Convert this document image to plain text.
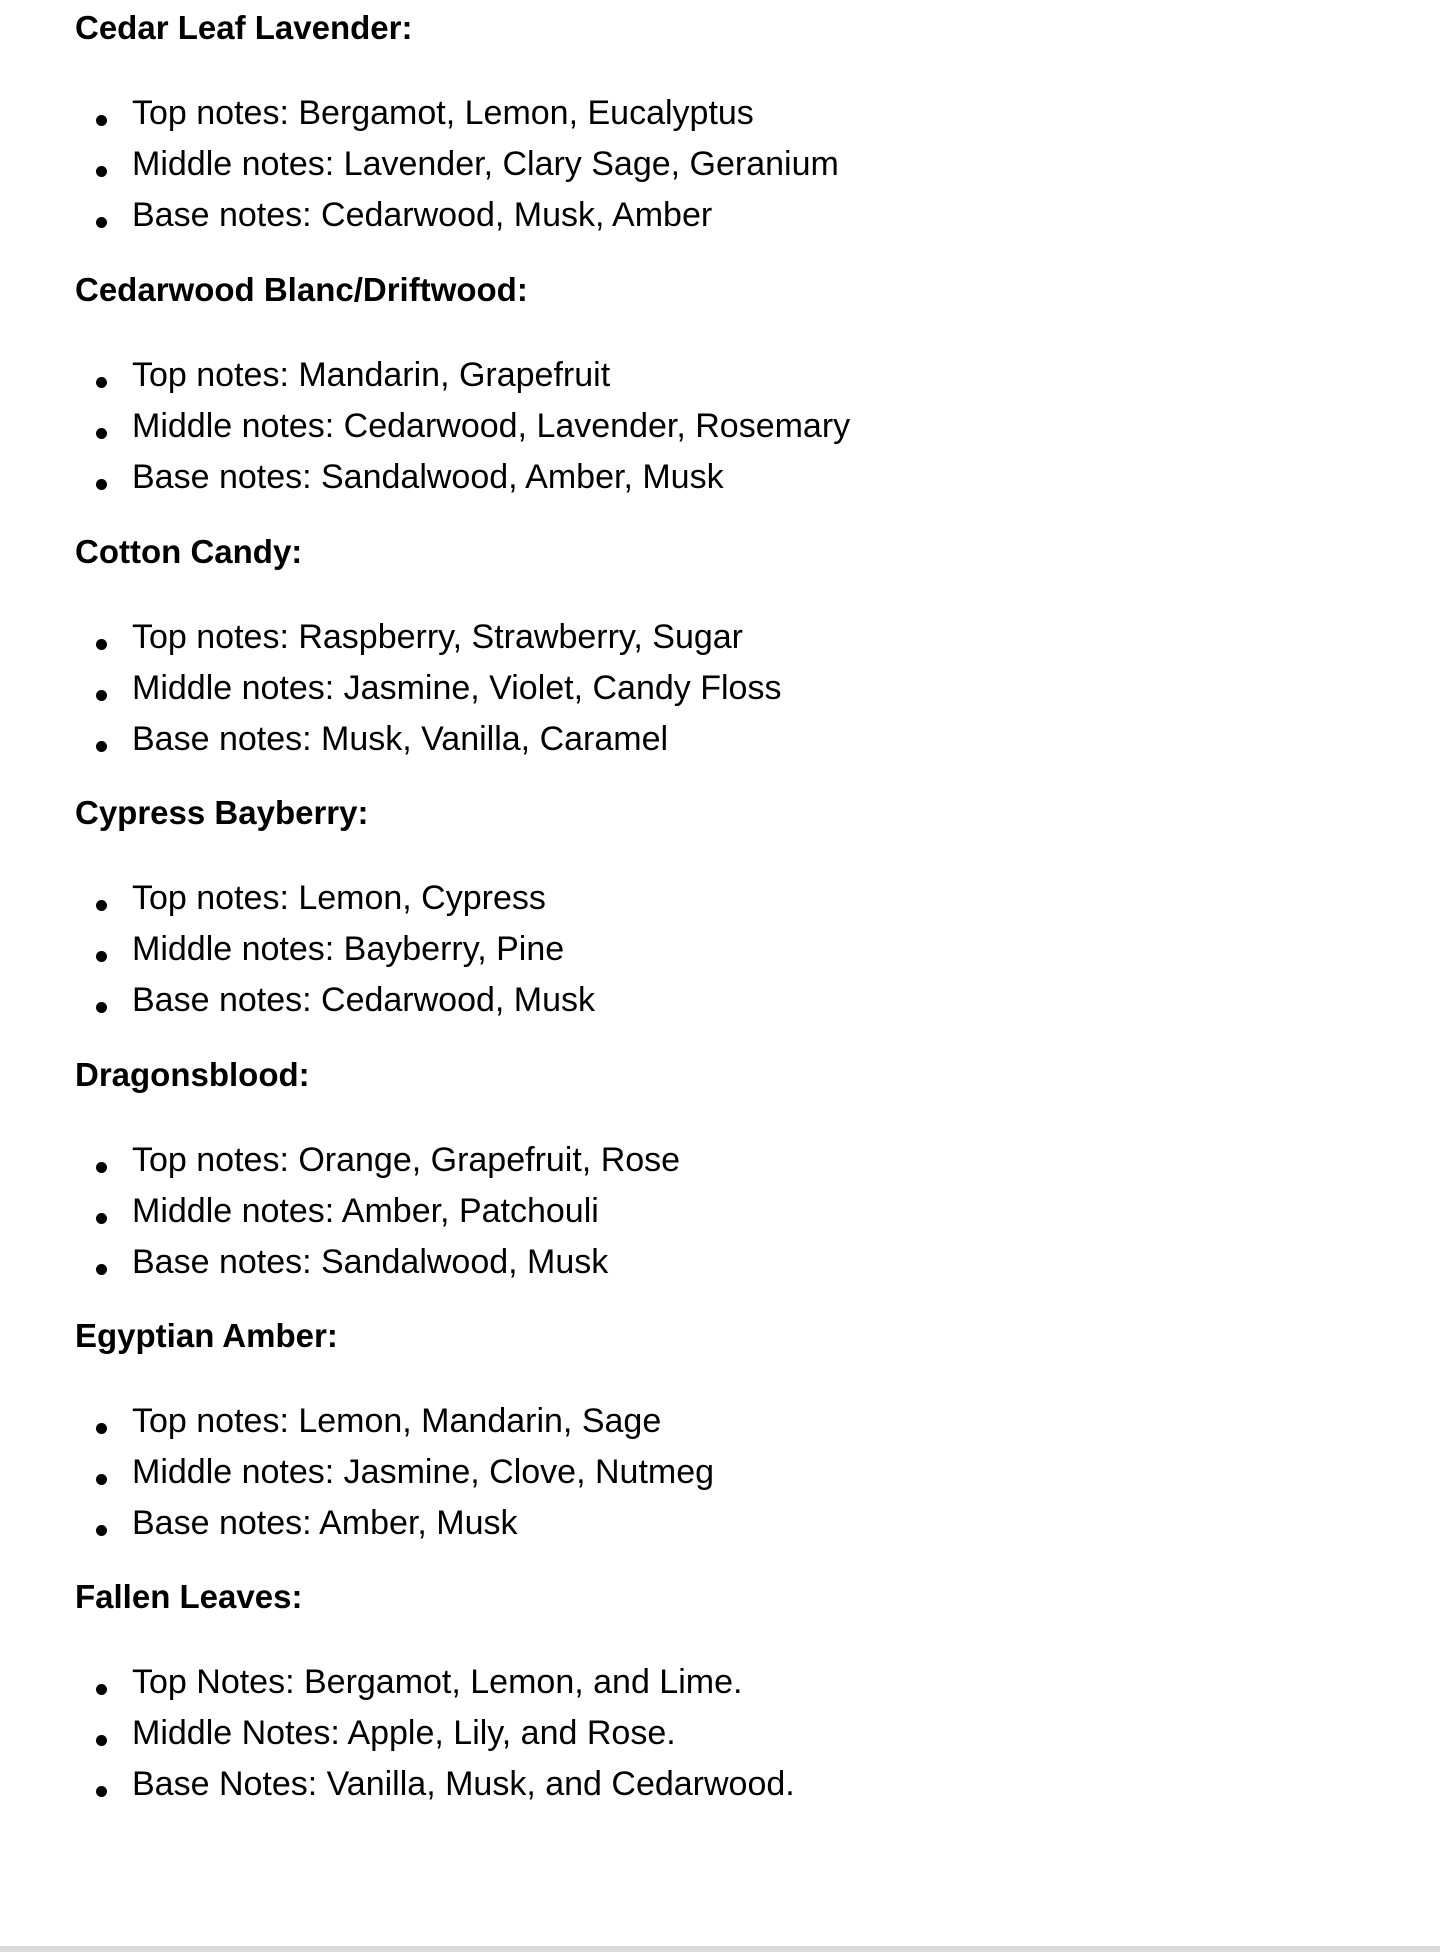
Cedar Leaf Lavender:
Top notes: Bergamot, Lemon, Eucalyptus
Middle notes: Lavender, Clary Sage, Geranium
Base notes: Cedarwood, Musk, Amber
Cedarwood Blanc/Driftwood:
Top notes: Mandarin, Grapefruit
Middle notes: Cedarwood, Lavender, Rosemary
Base notes: Sandalwood, Amber, Musk
Cotton Candy:
Top notes: Raspberry, Strawberry, Sugar
Middle notes: Jasmine, Violet, Candy Floss
Base notes: Musk, Vanilla, Caramel
Cypress Bayberry:
Top notes: Lemon, Cypress
Middle notes: Bayberry, Pine
Base notes: Cedarwood, Musk
Dragonsblood:
Top notes: Orange, Grapefruit, Rose
Middle notes: Amber, Patchouli
Base notes: Sandalwood, Musk
Egyptian Amber:
Top notes: Lemon, Mandarin, Sage
Middle notes: Jasmine, Clove, Nutmeg
Base notes: Amber, Musk
Fallen Leaves:
Top Notes: Bergamot, Lemon, and Lime.
Middle Notes: Apple, Lily, and Rose.
Base Notes: Vanilla, Musk, and Cedarwood.
